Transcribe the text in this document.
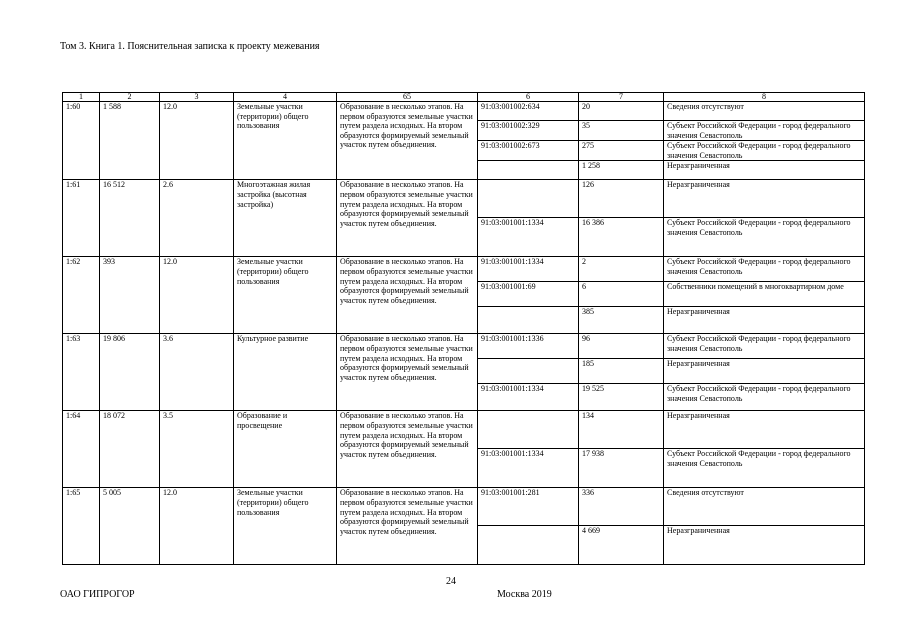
Том 3. Книга 1. Пояснительная записка к проекту межевания
1	2	3	4	65	6	7	8
1:60	1 588	12.0	Земельные участки (территории) общего пользования	Образование в несколько этапов. На первом образуются земельные участки путем раздела исходных. На втором образуются формируемый земельный участок путем объединения.	91:03:001002:634	20	Сведения отсутствуют
					91:03:001002:329	35	Субъект Российской Федерации - город федерального значения Севастополь
					91:03:001002:673	275	Субъект Российской Федерации - город федерального значения Севастополь
						1 258	Неразграниченная
1:61	16 512	2.6	Многоэтажная жилая застройка (высотная застройка)	Образование в несколько этапов. На первом образуются земельные участки путем раздела исходных. На втором образуются формируемый земельный участок путем объединения.		126	Неразграниченная
					91:03:001001:1334	16 386	Субъект Российской Федерации - город федерального значения Севастополь
1:62	393	12.0	Земельные участки (территории) общего пользования	Образование в несколько этапов. На первом образуются земельные участки путем раздела исходных. На втором образуются формируемый земельный участок путем объединения.	91:03:001001:1334	2	Субъект Российской Федерации - город федерального значения Севастополь
					91:03:001001:69	6	Собственники помещений в многоквартирном доме
						385	Неразграниченная
1:63	19 806	3.6	Культурное развитие	Образование в несколько этапов. На первом образуются земельные участки путем раздела исходных. На втором образуются формируемый земельный участок путем объединения.	91:03:001001:1336	96	Субъект Российской Федерации - город федерального значения Севастополь
						185	Неразграниченная
					91:03:001001:1334	19 525	Субъект Российской Федерации - город федерального значения Севастополь
1:64	18 072	3.5	Образование и просвещение	Образование в несколько этапов. На первом образуются земельные участки путем раздела исходных. На втором образуются формируемый земельный участок путем объединения.		134	Неразграниченная
					91:03:001001:1334	17 938	Субъект Российской Федерации - город федерального значения Севастополь
1:65	5 005	12.0	Земельные участки (территории) общего пользования	Образование в несколько этапов. На первом образуются земельные участки путем раздела исходных. На втором образуются формируемый земельный участок путем объединения.	91:03:001001:281	336	Сведения отсутствуют
						4 669	Неразграниченная
24
ОАО ГИПРОГОР	Москва 2019
